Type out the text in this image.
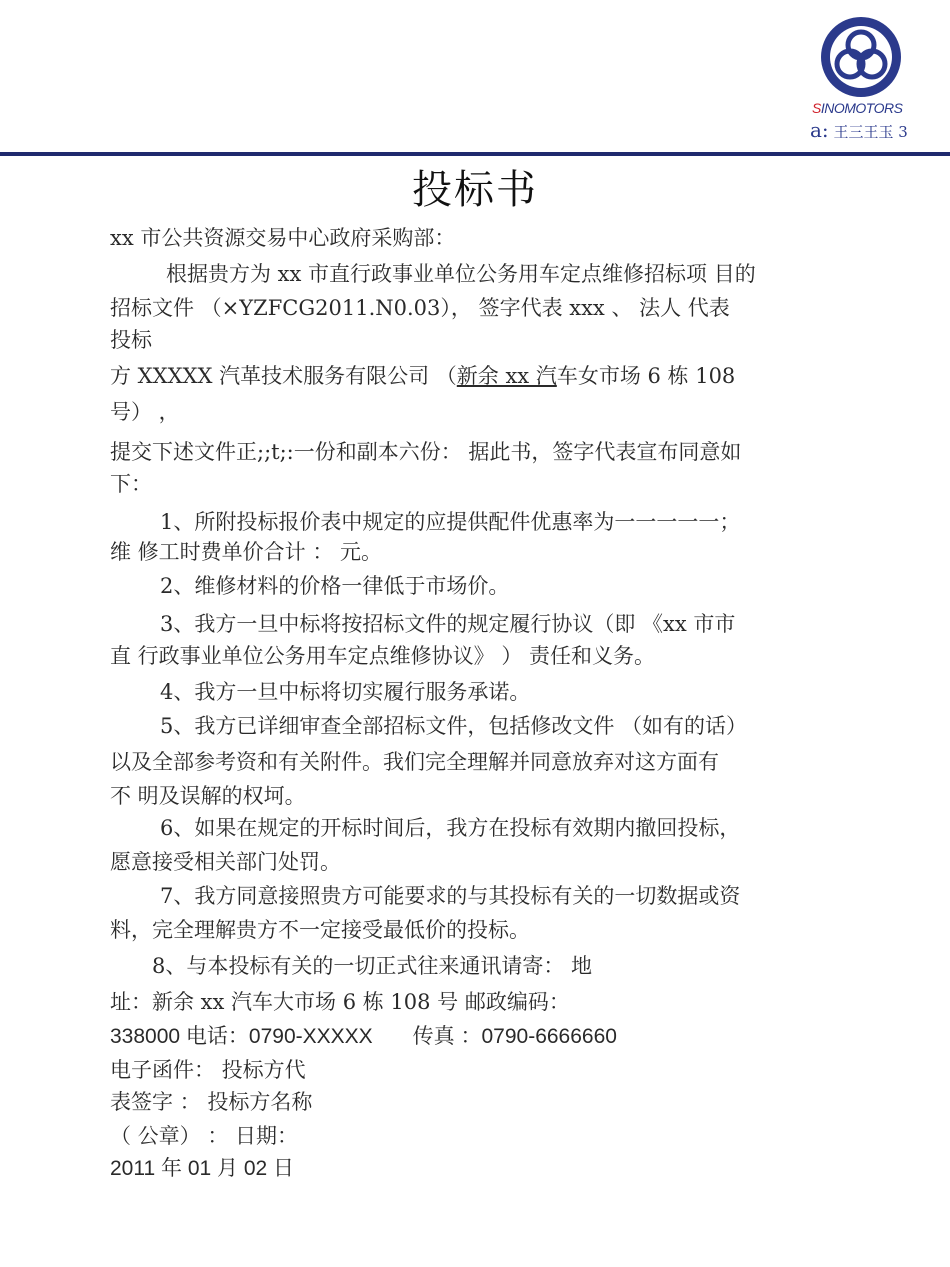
SINOMOTORS
a: 王三王玉 3
投标书
xx 市公共资源交易中心政府采购部：
根据贵方为 xx 市直行政事业单位公务用车定点维修招标项 目的
招标文件 （×YZFCG2011.N0.03）， 签字代表 xxx 、 法人 代表
投标
方 XXXXX 汽革技术服务有限公司 （新余 xx 汽车女市场 6 栋 108
号） ，
提交下述文件正;;t;:一份和副本六份： 据此书，签字代表宣布同意如
下：
1、所附投标报价表中规定的应提供配件优惠率为一一一一一；
维 修工时费单价合计 ： 元。
2、维修材料的价格一律低于市场价。
3、我方一旦中标将按招标文件的规定履行协议（即 《xx 市市
直 行政事业单位公务用车定点维修协议》 ） 责任和义务。
4、我方一旦中标将切实履行服务承诺。
5、我方已详细审查全部招标文件，包括修改文件 （如有的话）
以及全部参考资和有关附件。我们完全理解并同意放弃对这方面有
不 明及误解的权坷。
6、如果在规定的开标时间后，我方在投标有效期内撤回投标，
愿意接受相关部门处罚。
7、我方同意接照贵方可能要求的与其投标有关的一切数据或资
料，完全理解贵方不一定接受最低价的投标。
8、与本投标有关的一切正式往来通讯请寄： 地
址：新余 xx 汽车大市场 6 栋 108 号 邮政编码：
338000 电话：0790-XXXXX 传真 ：0790-6666660
电子函件： 投标方代
表签字 ： 投标方名称
（ 公章） ： 日期：
2011 年 01 月 02 日
